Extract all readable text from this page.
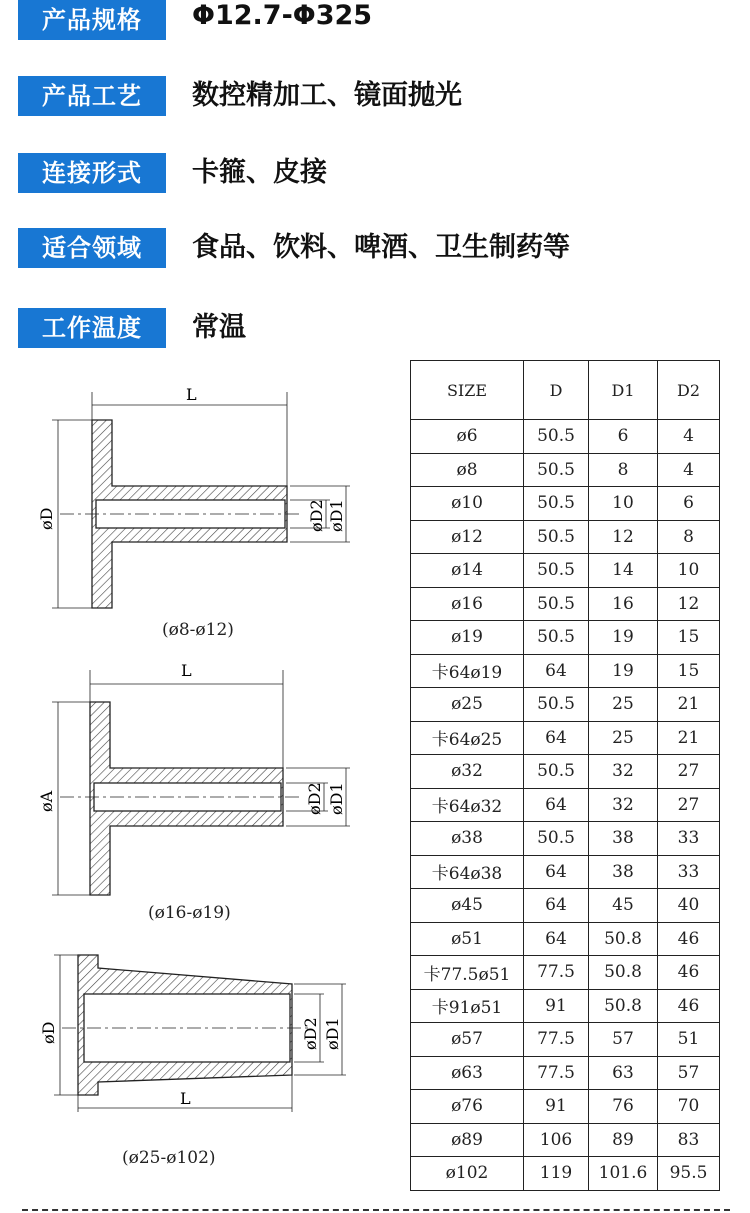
产品规格	Φ12.7-Φ325
产品工艺	数控精加工、镜面抛光
连接形式	卡箍、皮接
适合领域	食品、饮料、啤酒、卫生制药等
工作温度	常温
L
øD	øD2 øD1
L
øA	øD2 øD1
L
øD	øD2 øD1
(ø8-ø12)
(ø16-ø19)
(ø25-ø102)
SIZE	D	D1	D2
ø6	50.5	6	4
ø8	50.5	8	4
ø10	50.5	10	6
ø12	50.5	12	8
ø14	50.5	14	10
ø16	50.5	16	12
ø19	50.5	19	15
卡64ø19	64	19	15
ø25	50.5	25	21
卡64ø25	64	25	21
ø32	50.5	32	27
卡64ø32	64	32	27
ø38	50.5	38	33
卡64ø38	64	38	33
ø45	64	45	40
ø51	64	50.8	46
卡77.5ø51	77.5	50.8	46
卡91ø51	91	50.8	46
ø57	77.5	57	51
ø63	77.5	63	57
ø76	91	76	70
ø89	106	89	83
ø102	119	101.6	95.5
